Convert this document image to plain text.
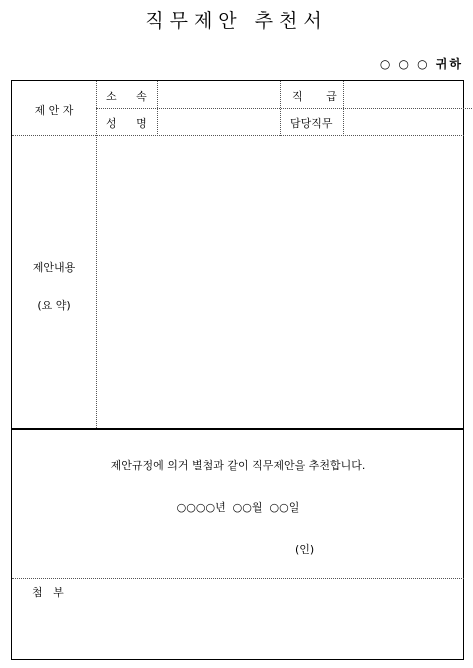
직무제안 추천서
○ ○ ○ 귀하
제 안 자
소 속	직 급
성 명	담당직무
제안내용
(요 약)
제안규정에 의거 별첨과 같이 직무제안을 추천합니다.
○○○○년  ○○월  ○○일
(인)
첨   부
